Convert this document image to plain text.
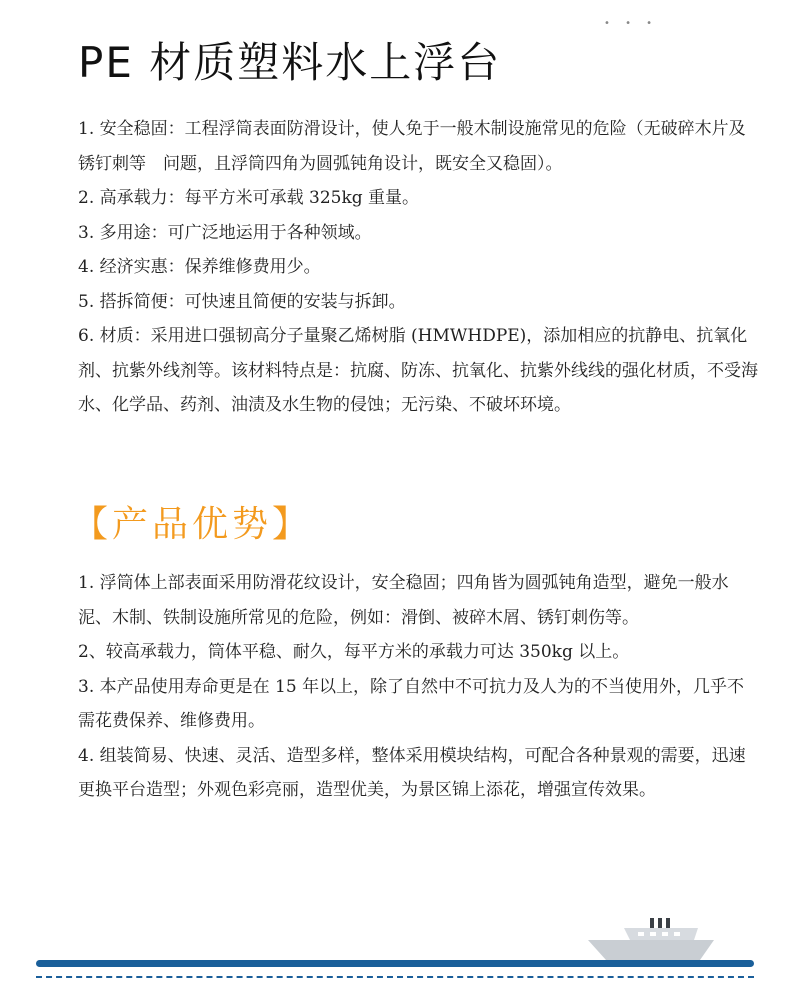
• • •
PE 材质塑料水上浮台

1. 安全稳固：工程浮筒表面防滑设计，使人免于一般木制设施常见的危险（无破碎木片及锈钉刺等　问题，且浮筒四角为圆弧钝角设计，既安全又稳固）。

2. 高承载力：每平方米可承载 325kg 重量。

3. 多用途：可广泛地运用于各种领域。

4. 经济实惠：保养维修费用少。

5. 搭拆简便：可快速且简便的安装与拆卸。

6. 材质：采用进口强韧高分子量聚乙烯树脂 (HMWHDPE)，添加相应的抗静电、抗氧化剂、抗紫外线剂等。该材料特点是：抗腐、防冻、抗氧化、抗紫外线线的强化材质，不受海水、化学品、药剂、油渍及水生物的侵蚀；无污染、不破坏环境。

【产品优势】

1. 浮筒体上部表面采用防滑花纹设计，安全稳固；四角皆为圆弧钝角造型，避免一般水泥、木制、铁制设施所常见的危险，例如：滑倒、被碎木屑、锈钉刺伤等。

2、较高承载力，筒体平稳、耐久，每平方米的承载力可达 350kg 以上。

3. 本产品使用寿命更是在 15 年以上，除了自然中不可抗力及人为的不当使用外，几乎不需花费保养、维修费用。

4. 组装简易、快速、灵活、造型多样，整体采用模块结构，可配合各种景观的需要，迅速更换平台造型；外观色彩亮丽，造型优美，为景区锦上添花，增强宣传效果。
